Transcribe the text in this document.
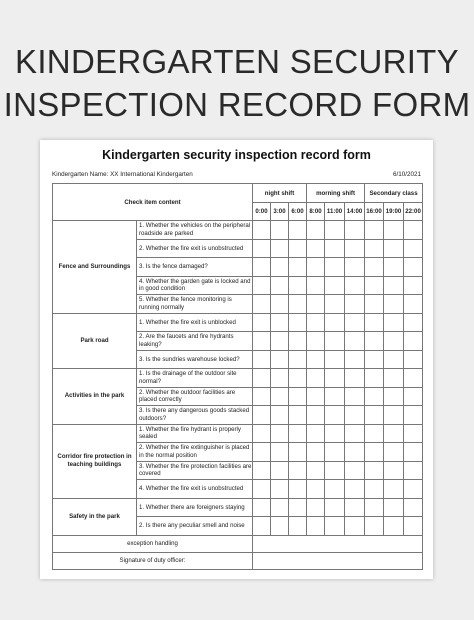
KINDERGARTEN SECURITY
INSPECTION RECORD FORM
Kindergarten security inspection record form
Kindergarten Name: XX International Kindergarten	6/10/2021
Check item content		night shift			morning shift			Secondary class		
		0:00	3:00	6:00	8:00	11:00	14:00	16:00	19:00	22:00
Fence and Surroundings	1. Whether the vehicles on the peripheral roadside are parked									
	2. Whether the fire exit is unobstructed									
	3. Is the fence damaged?									
	4. Whether the garden gate is locked and in good condition									
	5. Whether the fence monitoring is running normally									
Park road	1. Whether the fire exit is unblocked									
	2. Are the faucets and fire hydrants leaking?									
	3. Is the sundries warehouse locked?									
Activities in the park	1. Is the drainage of the outdoor site normal?									
	2. Whether the outdoor facilities are placed correctly									
	3. Is there any dangerous goods stacked outdoors?									
Corridor fire protection in teaching buildings	1. Whether the fire hydrant is properly sealed									
	2. Whether the fire extinguisher is placed in the normal position									
	3. Whether the fire protection facilities are covered									
	4. Whether the fire exit is unobstructed									
Safety in the park	1. Whether there are foreigners staying									
	2. Is there any peculiar smell and noise									
exception handling										
Signature of duty officer:										
